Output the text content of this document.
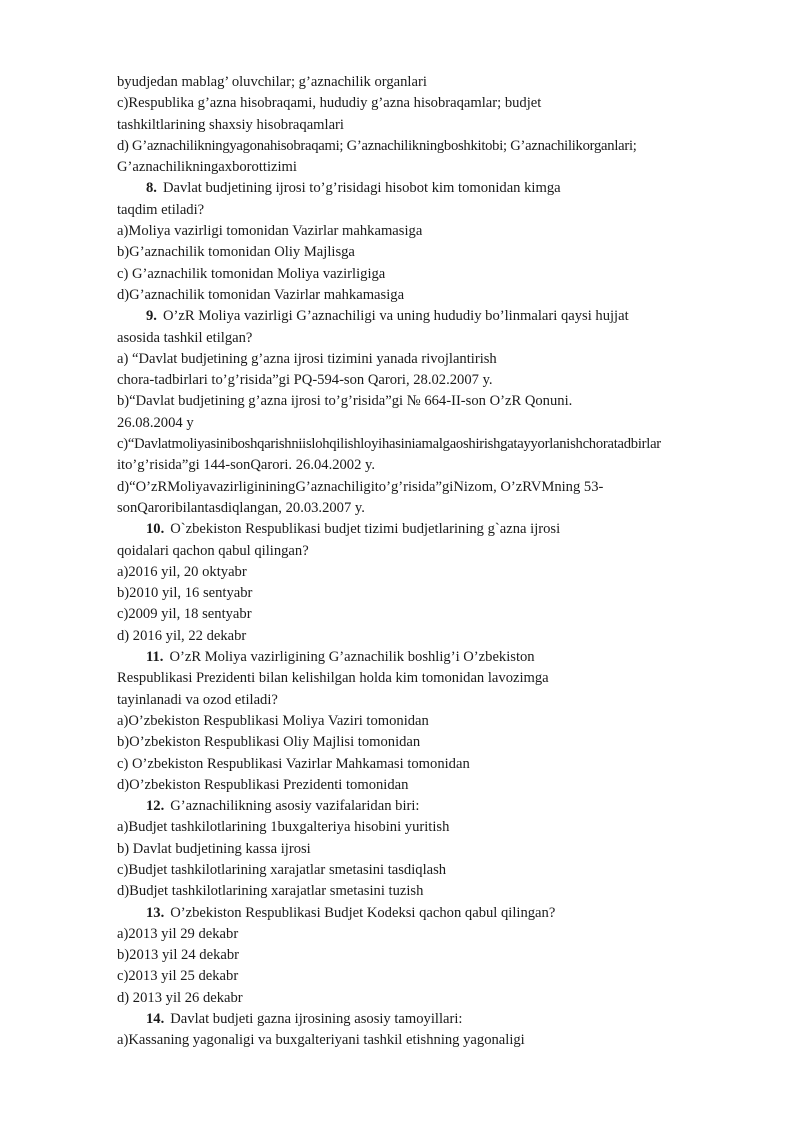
byudjedan mablag’ oluvchilar; g’aznachilik organlari
c)Respublika g’azna hisobraqami, hududiy g’azna hisobraqamlar; budjet
tashkiltlarining shaxsiy hisobraqamlari
d) G’aznachilikningyagonahisobraqami; G’aznachilikningboshkitobi; G’aznachilikorganlari;
G’aznachilikningaxborottizimi
8. Davlat budjetining ijrosi to’g’risidagi hisobot kim tomonidan kimga
taqdim etiladi?
a)Moliya vazirligi tomonidan Vazirlar mahkamasiga
b)G’aznachilik tomonidan Oliy Majlisga
c) G’aznachilik tomonidan Moliya vazirligiga
d)G’aznachilik tomonidan Vazirlar mahkamasiga
9. O’zR Moliya vazirligi G’aznachiligi va uning hududiy bo’linmalari qaysi hujjat
asosida tashkil etilgan?
a) “Davlat budjetining g’azna ijrosi tizimini yanada rivojlantirish
chora-tadbirlari to’g’risida”gi PQ-594-son Qarori, 28.02.2007 y.
b)“Davlat budjetining g’azna ijrosi to’g’risida”gi № 664-II-son O’zR Qonuni.
26.08.2004 y
c)“Davlatmoliyasiniboshqarishniislohqilishloyihasiniamalgaoshirishgatayyorlanishchoratadbirlar
ito’g’risida”gi 144-sonQarori. 26.04.2002 y.
d)“O’zRMoliyavazirligininingG’aznachiligito’g’risida”giNizom, O’zRVMning 53-
sonQaroribilantasdiqlangan, 20.03.2007 y.
10. O`zbekiston Respublikasi budjet tizimi budjetlarining g`azna ijrosi
qoidalari qachon qabul qilingan?
a)2016 yil, 20 oktyabr
b)2010 yil, 16 sentyabr
c)2009 yil, 18 sentyabr
d) 2016 yil, 22 dekabr
11. O’zR Moliya vazirligining G’aznachilik boshlig’i O’zbekiston
Respublikasi Prezidenti bilan kelishilgan holda kim tomonidan lavozimga
tayinlanadi va ozod etiladi?
a)O’zbekiston Respublikasi Moliya Vaziri tomonidan
b)O’zbekiston Respublikasi Oliy Majlisi tomonidan
c) O’zbekiston Respublikasi Vazirlar Mahkamasi tomonidan
d)O’zbekiston Respublikasi Prezidenti tomonidan
12. G’aznachilikning asosiy vazifalaridan biri:
a)Budjet tashkilotlarining 1buxgalteriya hisobini yuritish
b) Davlat budjetining kassa ijrosi
c)Budjet tashkilotlarining xarajatlar smetasini tasdiqlash
d)Budjet tashkilotlarining xarajatlar smetasini tuzish
13. O’zbekiston Respublikasi Budjet Kodeksi qachon qabul qilingan?
a)2013 yil 29 dekabr
b)2013 yil 24 dekabr
c)2013 yil 25 dekabr
d) 2013 yil 26 dekabr
14. Davlat budjeti gazna ijrosining asosiy tamoyillari:
a)Kassaning yagonaligi va buxgalteriyani tashkil etishning yagonaligi
